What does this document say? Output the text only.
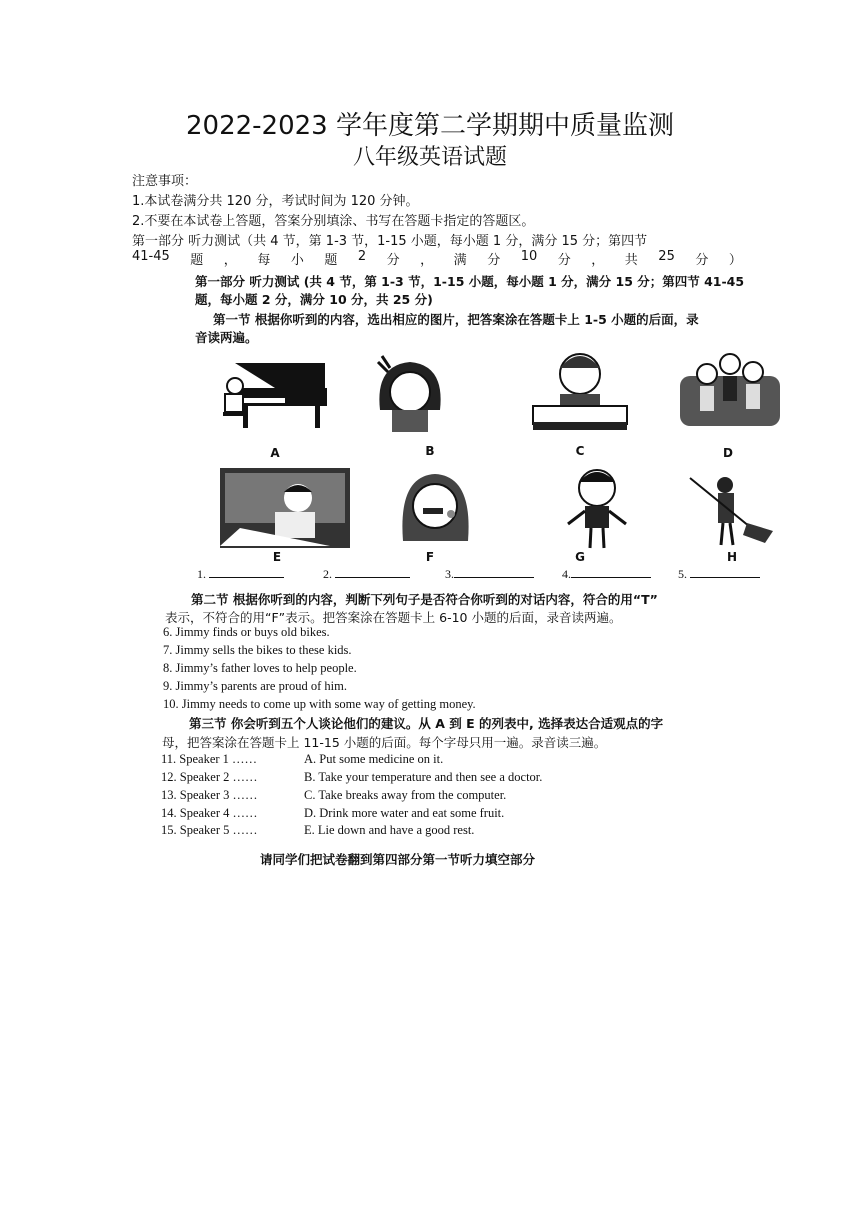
2022-2023 学年度第二学期期中质量监测
八年级英语试题
注意事项：
1.本试卷满分共 120 分，考试时间为 120 分钟。
2.不要在本试卷上答题，答案分别填涂、书写在答题卡指定的答题区。
第一部分 听力测试（共 4 节，第 1-3 节，1-15 小题，每小题 1 分，满分 15 分；第四节
41-45 题 ， 每 小 题 2 分 ， 满 分 10 分 ， 共 25 分 ）
第一部分 听力测试 (共 4 节，第 1-3 节，1-15 小题，每小题 1 分，满分 15 分；第四节 41-45
题，每小题 2 分，满分 10 分，共 25 分)
第一节 根据你听到的内容，选出相应的图片，把答案涂在答题卡上 1-5 小题的后面，录
音读两遍。
A	B	C	D
E	F	G	H
1.	2.	3.	4.	5.
第二节 根据你听到的内容，判断下列句子是否符合你听到的对话内容，符合的用“T”
表示，不符合的用“F”表示。把答案涂在答题卡上 6-10 小题的后面，录音读两遍。
6. Jimmy finds or buys old bikes.
7. Jimmy sells the bikes to these kids.
8. Jimmy’s father loves to help people.
9. Jimmy’s parents are proud of him.
10. Jimmy needs to come up with some way of getting money.
第三节 你会听到五个人谈论他们的建议。从 A 到 E 的列表中, 选择表达合适观点的字
母，把答案涂在答题卡上 11-15 小题的后面。每个字母只用一遍。录音读三遍。
11. Speaker 1 ……
12. Speaker 2 ……
13. Speaker 3 ……
14. Speaker 4 ……
15. Speaker 5 ……
A. Put some medicine on it.
B. Take your temperature and then see a doctor.
C. Take breaks away from the computer.
D. Drink more water and eat some fruit.
E. Lie down and have a good rest.
请同学们把试卷翻到第四部分第一节听力填空部分
